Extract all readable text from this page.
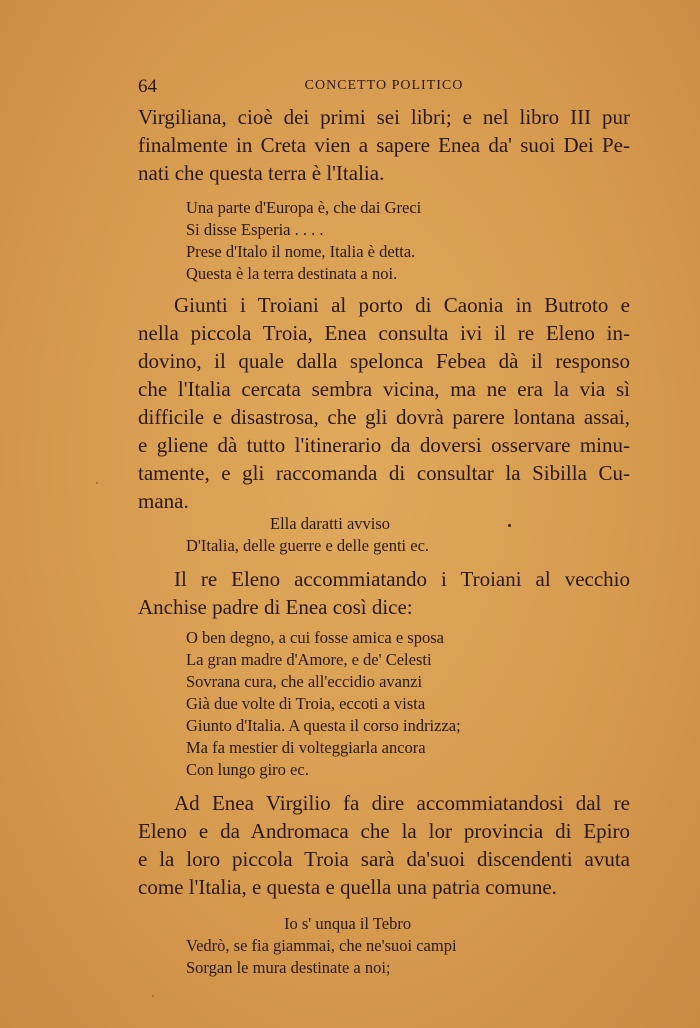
64	CONCETTO POLITICO
Virgiliana, cioè dei primi sei libri; e nel libro III pur
finalmente in Creta vien a sapere Enea da' suoi Dei Pe-
nati che questa terra è l'Italia.
Una parte d'Europa è, che dai Greci
Si disse Esperia . . . .
Prese d'Italo il nome, Italia è detta.
Questa è la terra destinata a noi.
Giunti i Troiani al porto di Caonia in Butroto e
nella piccola Troia, Enea consulta ivi il re Eleno in-
dovino, il quale dalla spelonca Febea dà il responso
che l'Italia cercata sembra vicina, ma ne era la via sì
difficile e disastrosa, che gli dovrà parere lontana assai,
e gliene dà tutto l'itinerario da doversi osservare minu-
tamente, e gli raccomanda di consultar la Sibilla Cu-
mana.
Ella daratti avviso
D'Italia, delle guerre e delle genti ec.
Il re Eleno accommiatando i Troiani al vecchio
Anchise padre di Enea così dice:
O ben degno, a cui fosse amica e sposa
La gran madre d'Amore, e de' Celesti
Sovrana cura, che all'eccidio avanzi
Già due volte di Troia, eccoti a vista
Giunto d'Italia. A questa il corso indrizza;
Ma fa mestier di volteggiarla ancora
Con lungo giro ec.
Ad Enea Virgilio fa dire accommiatandosi dal re
Eleno e da Andromaca che la lor provincia di Epiro
e la loro piccola Troia sarà da'suoi discendenti avuta
come l'Italia, e questa e quella una patria comune.
Io s' unqua il Tebro
Vedrò, se fia giammai, che ne'suoi campi
Sorgan le mura destinate a noi;
